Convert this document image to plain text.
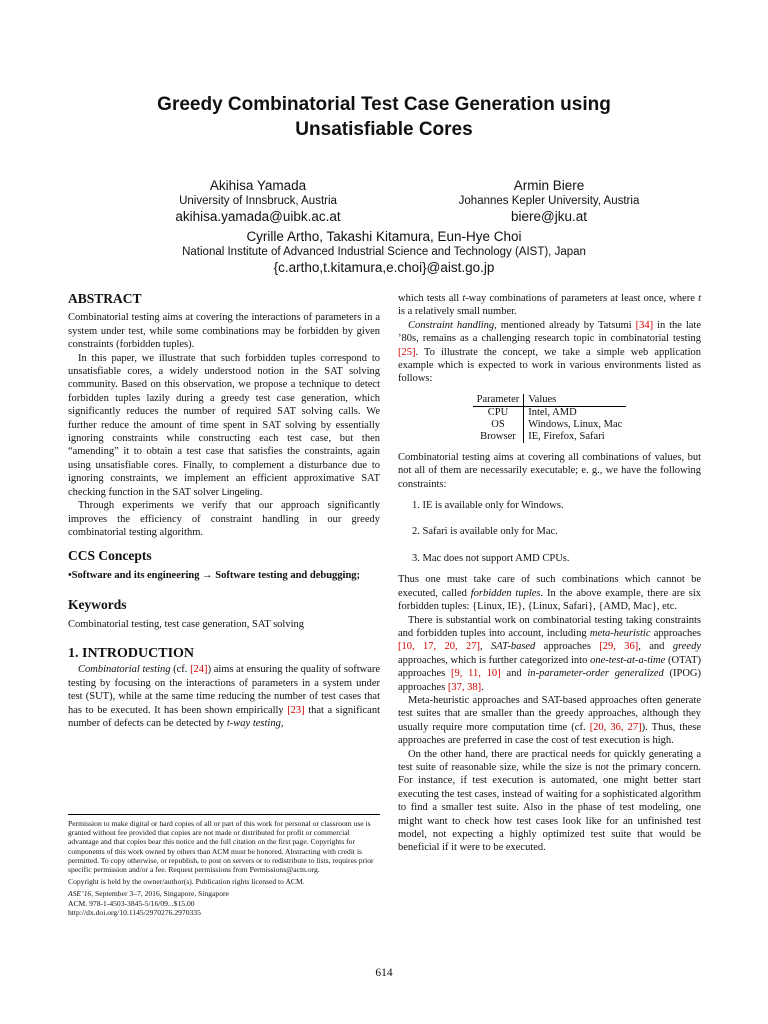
Greedy Combinatorial Test Case Generation using
Unsatisfiable Cores
Akihisa Yamada
University of Innsbruck, Austria
akihisa.yamada@uibk.ac.at
Armin Biere
Johannes Kepler University, Austria
biere@jku.at
Cyrille Artho, Takashi Kitamura, Eun-Hye Choi
National Institute of Advanced Industrial Science and Technology (AIST), Japan
{c.artho,t.kitamura,e.choi}@aist.go.jp
ABSTRACT

Combinatorial testing aims at covering the interactions of parameters in a system under test, while some combinations may be forbidden by given constraints (forbidden tuples).

In this paper, we illustrate that such forbidden tuples correspond to unsatisfiable cores, a widely understood notion in the SAT solving community. Based on this observation, we propose a technique to detect forbidden tuples lazily during a greedy test case generation, which significantly reduces the number of required SAT solving calls. We further reduce the amount of time spent in SAT solving by essentially ignoring constraints while constructing each test case, but then “amending” it to obtain a test case that satisfies the constraints, again using unsatisfiable cores. Finally, to complement a disturbance due to ignoring constraints, we implement an efficient approximative SAT checking function in the SAT solver Lingeling.

Through experiments we verify that our approach significantly improves the efficiency of constraint handling in our greedy combinatorial testing algorithm.

CCS Concepts

•Software and its engineering → Software testing and debugging;

Keywords

Combinatorial testing, test case generation, SAT solving

1. INTRODUCTION

Combinatorial testing (cf. [24]) aims at ensuring the quality of software testing by focusing on the interactions of parameters in a system under test (SUT), while at the same time reducing the number of test cases that has to be executed. It has been shown empirically [23] that a significant number of defects can be detected by t-way testing,

Permission to make digital or hard copies of all or part of this work for personal or classroom use is granted without fee provided that copies are not made or distributed for profit or commercial advantage and that copies bear this notice and the full citation on the first page. Copyrights for components of this work owned by others than ACM must be honored. Abstracting with credit is permitted. To copy otherwise, or republish, to post on servers or to redistribute to lists, requires prior specific permission and/or a fee. Request permissions from Permissions@acm.org.

Copyright is held by the owner/author(s). Publication rights licensed to ACM.

ASE’16, September 3–7, 2016, Singapore, Singapore

ACM. 978-1-4503-3845-5/16/09...$15.00

http://dx.doi.org/10.1145/2970276.2970335

which tests all t-way combinations of parameters at least once, where t is a relatively small number.

Constraint handling, mentioned already by Tatsumi [34] in the late ’80s, remains as a challenging research topic in combinatorial testing [25]. To illustrate the concept, we take a simple web application example which is expected to work in various environments listed as follows:

Parameter	Values
CPU	Intel, AMD
OS	Windows, Linux, Mac
Browser	IE, Firefox, Safari

Combinatorial testing aims at covering all combinations of values, but not all of them are necessarily executable; e. g., we have the following constraints:

1. IE is available only for Windows.
2. Safari is available only for Mac.
3. Mac does not support AMD CPUs.

Thus one must take care of such combinations which cannot be executed, called forbidden tuples. In the above example, there are six forbidden tuples: {Linux, IE}, {Linux, Safari}, {AMD, Mac}, etc.

There is substantial work on combinatorial testing taking constraints and forbidden tuples into account, including meta-heuristic approaches [10, 17, 20, 27], SAT-based approaches [29, 36], and greedy approaches, which is further categorized into one-test-at-a-time (OTAT) approaches [9, 11, 10] and in-parameter-order generalized (IPOG) approaches [37, 38].

Meta-heuristic approaches and SAT-based approaches often generate test suites that are smaller than the greedy approaches, although they usually require more computation time (cf. [20, 36, 27]). Thus, these approaches are preferred in case the cost of test execution is high.

On the other hand, there are practical needs for quickly generating a test suite of reasonable size, while the size is not the primary concern. For instance, if test execution is automated, one might better start executing the test cases, instead of waiting for a sophisticated algorithm to find a smaller test suite. Also in the phase of test modeling, one might want to check how test cases look like for an unfinished test model, not expecting a highly optimized test suite that would be beneficial if it were to be executed.

614
